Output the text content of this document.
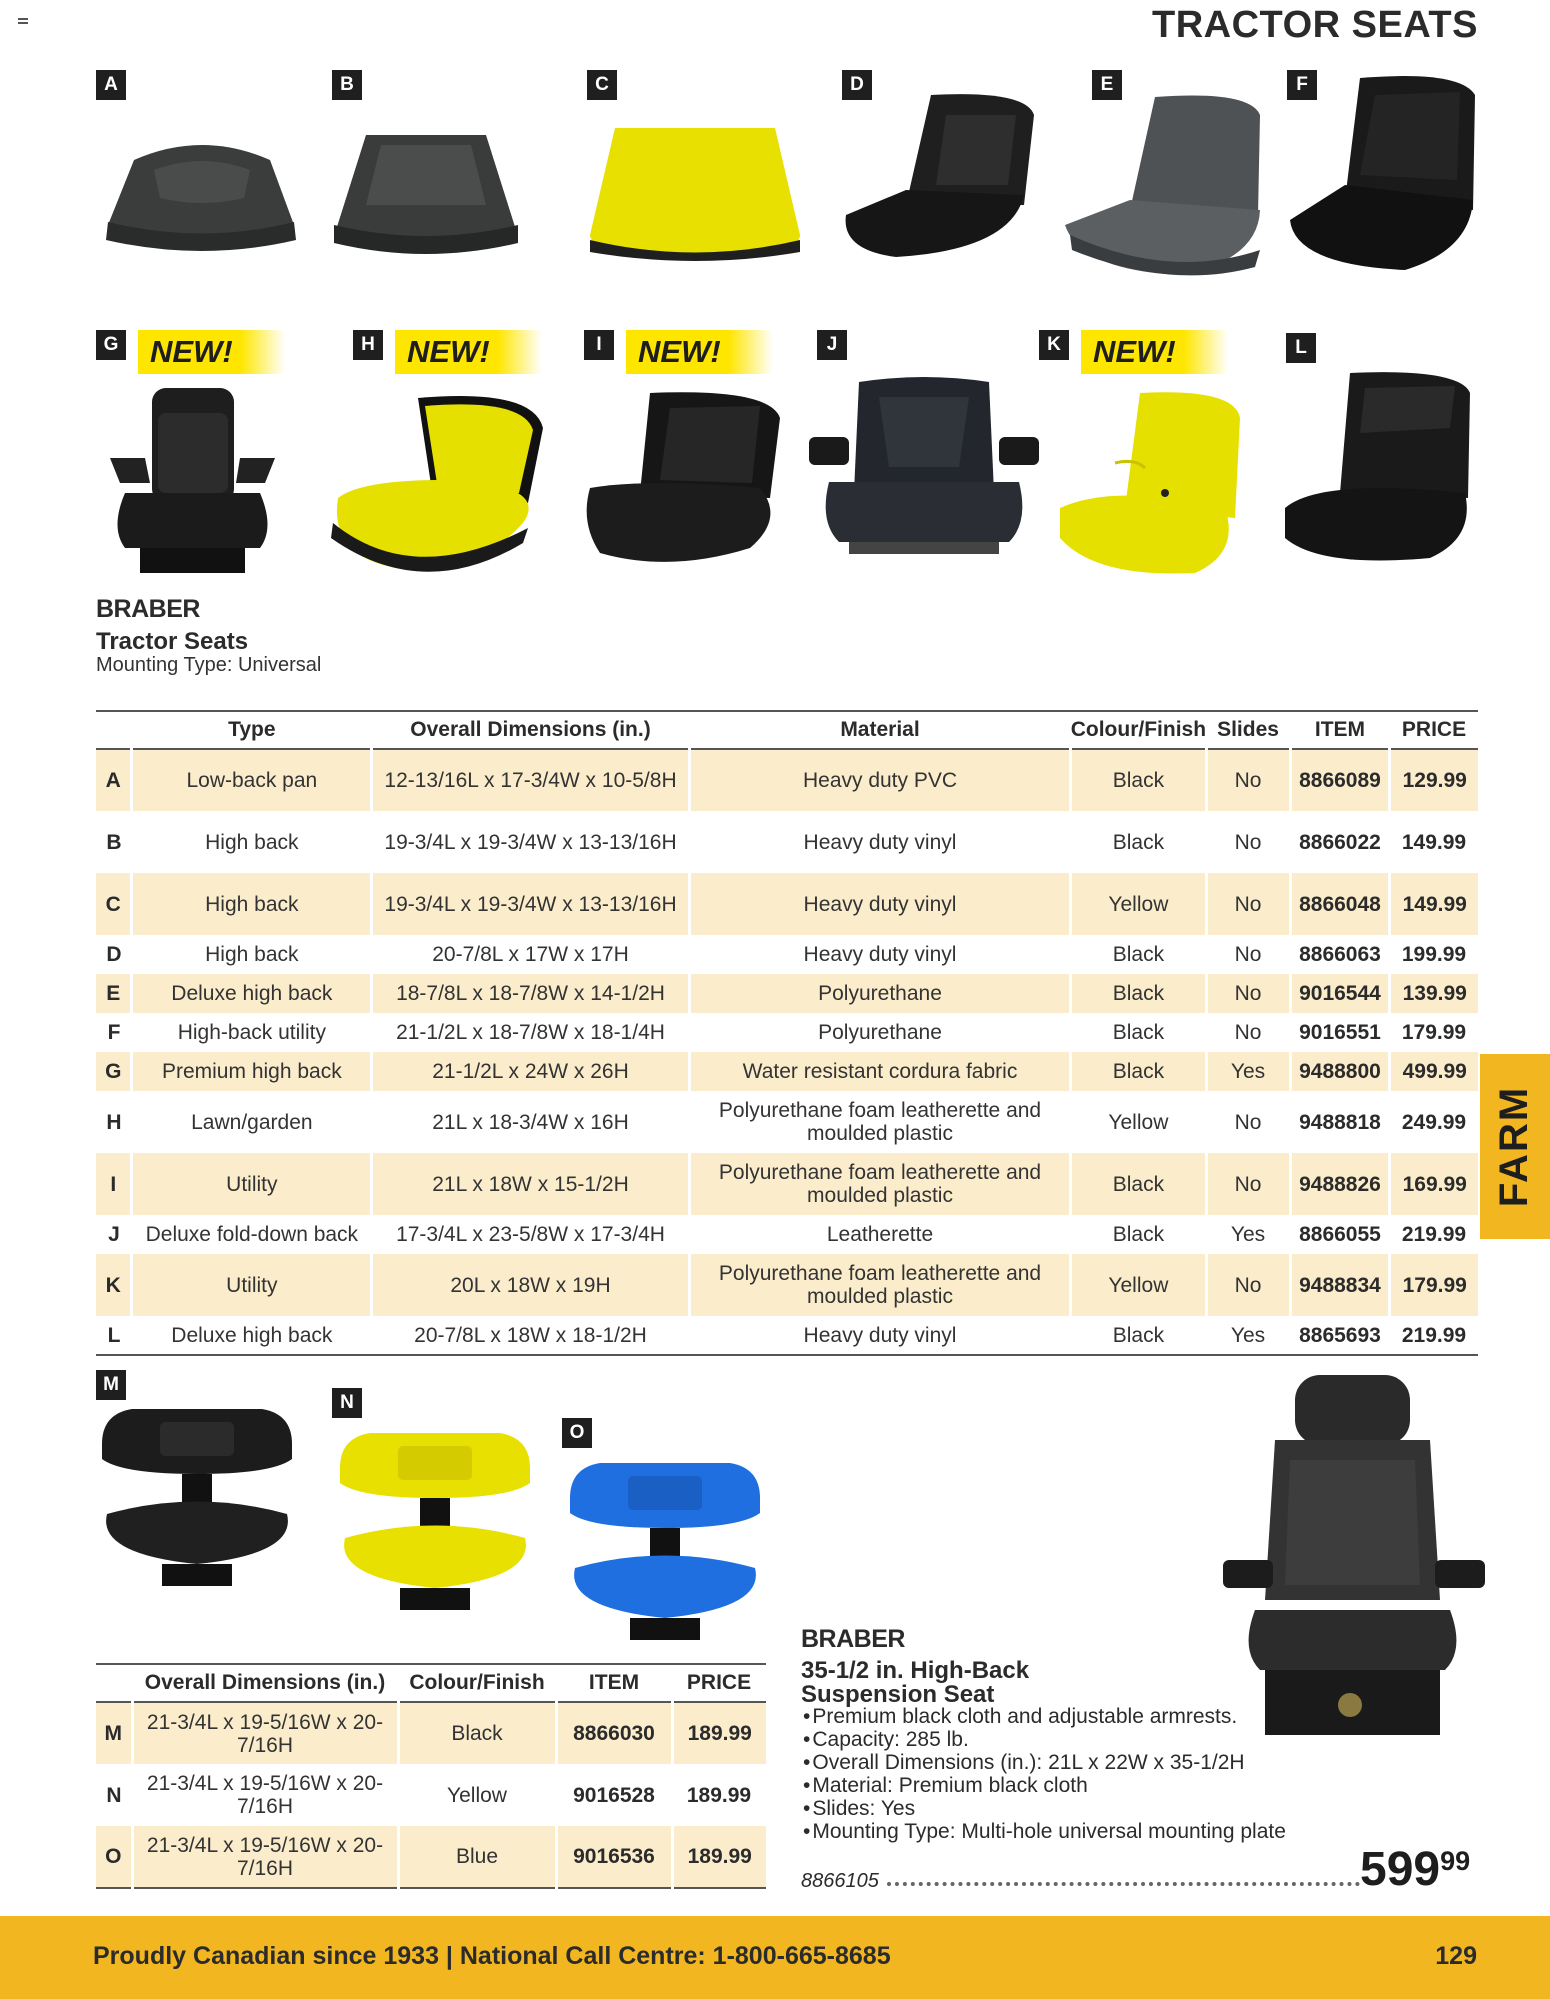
TRACTOR SEATS
A	B	C	D	E	F
G	NEW!	H	NEW!	I	NEW!	J	K	NEW!	L
BRABER
Tractor Seats
Mounting Type: Universal
	Type	Overall Dimensions (in.)	Material	Colour/Finish	Slides	ITEM	PRICE
A	Low-back pan	12-13/16L x 17-3/4W x 10-5/8H	Heavy duty PVC	Black	No	8866089	129.99
B	High back	19-3/4L x 19-3/4W x 13-13/16H	Heavy duty vinyl	Black	No	8866022	149.99
C	High back	19-3/4L x 19-3/4W x 13-13/16H	Heavy duty vinyl	Yellow	No	8866048	149.99
D	High back	20-7/8L x 17W x 17H	Heavy duty vinyl	Black	No	8866063	199.99
E	Deluxe high back	18-7/8L x 18-7/8W x 14-1/2H	Polyurethane	Black	No	9016544	139.99
F	High-back utility	21-1/2L x 18-7/8W x 18-1/4H	Polyurethane	Black	No	9016551	179.99
G	Premium high back	21-1/2L x 24W x 26H	Water resistant cordura fabric	Black	Yes	9488800	499.99
H	Lawn/garden	21L x 18-3/4W x 16H	Polyurethane foam leatherette and moulded plastic	Yellow	No	9488818	249.99
I	Utility	21L x 18W x 15-1/2H	Polyurethane foam leatherette and moulded plastic	Black	No	9488826	169.99
J	Deluxe fold-down back	17-3/4L x 23-5/8W x 17-3/4H	Leatherette	Black	Yes	8866055	219.99
K	Utility	20L x 18W x 19H	Polyurethane foam leatherette and moulded plastic	Yellow	No	9488834	179.99
L	Deluxe high back	20-7/8L x 18W x 18-1/2H	Heavy duty vinyl	Black	Yes	8865693	219.99
M
N
O
	Overall Dimensions (in.)	Colour/Finish	ITEM	PRICE
M	21-3/4L x 19-5/16W x 20-7/16H	Black	8866030	189.99
N	21-3/4L x 19-5/16W x 20-7/16H	Yellow	9016528	189.99
O	21-3/4L x 19-5/16W x 20-7/16H	Blue	9016536	189.99
BRABER
35-1/2 in. High-Back
Suspension Seat
• Premium black cloth and adjustable armrests.
• Capacity: 285 lb.
• Overall Dimensions (in.): 21L x 22W x 35-1/2H
• Material: Premium black cloth
• Slides: Yes
• Mounting Type: Multi-hole universal mounting plate
8866105	$599^{99}$
FARM
Proudly Canadian since 1933 | National Call Centre: 1-800-665-8685	129
